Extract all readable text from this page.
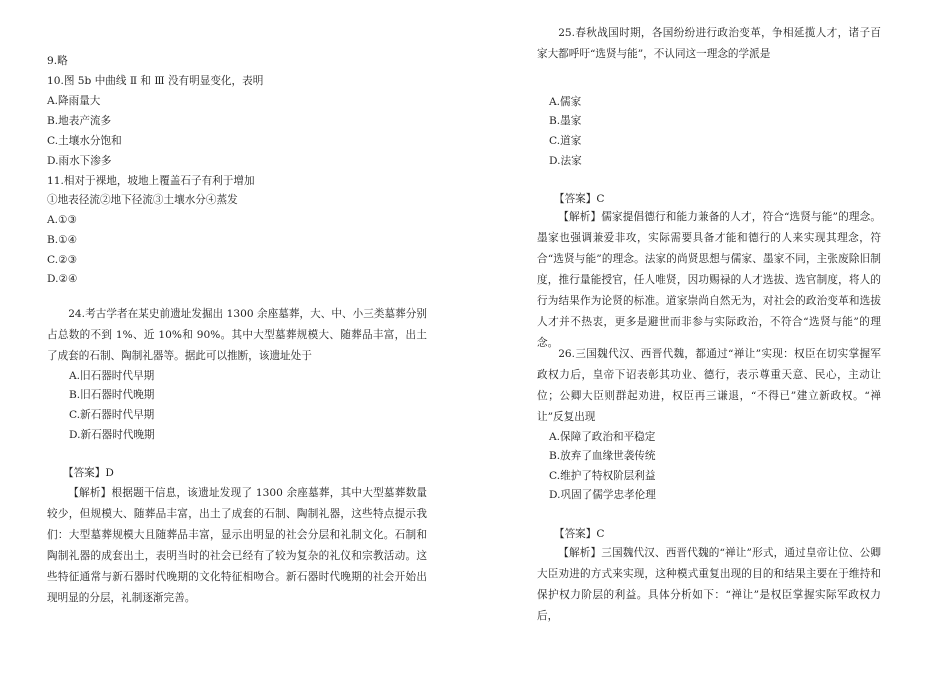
9.略
10.图 5b 中曲线 Ⅱ 和 Ⅲ 没有明显变化，表明
A.降雨量大
B.地表产流多
C.土壤水分饱和
D.雨水下渗多
11.相对于裸地，坡地上覆盖石子有利于增加
①地表径流②地下径流③土壤水分④蒸发
A.①③
B.①④
C.②③
D.②④
24.考古学者在某史前遗址发掘出 1300 余座墓葬，大、中、小三类墓葬分别占总数的不到 1%、近 10%和 90%。其中大型墓葬规模大、随葬品丰富，出土了成套的石制、陶制礼器等。据此可以推断，该遗址处于
A.旧石器时代早期
B.旧石器时代晚期
C.新石器时代早期
D.新石器时代晚期
【答案】D
【解析】根据题干信息，该遗址发现了 1300 余座墓葬，其中大型墓葬数量较少，但规模大、随葬品丰富，出土了成套的石制、陶制礼器，这些特点提示我们：大型墓葬规模大且随葬品丰富，显示出明显的社会分层和礼制文化。石制和陶制礼器的成套出土，表明当时的社会已经有了较为复杂的礼仪和宗教活动。这些特征通常与新石器时代晚期的文化特征相吻合。新石器时代晚期的社会开始出现明显的分层，礼制逐渐完善。
25.春秋战国时期，各国纷纷进行政治变革，争相延揽人才，诸子百家大都呼吁“选贤与能”，不认同这一理念的学派是
A.儒家
B.墨家
C.道家
D.法家
【答案】C
【解析】儒家提倡德行和能力兼备的人才，符合“选贤与能”的理念。墨家也强调兼爱非攻，实际需要具备才能和德行的人来实现其理念，符合“选贤与能”的理念。法家的尚贤思想与儒家、墨家不同，主张废除旧制度，推行量能授官，任人唯贤，因功赐禄的人才选拔、选官制度，将人的行为结果作为论贤的标准。道家崇尚自然无为，对社会的政治变革和选拔人才并不热衷，更多是避世而非参与实际政治，不符合“选贤与能”的理念。
26.三国魏代汉、西晋代魏，都通过“禅让”实现：权臣在切实掌握军政权力后，皇帝下诏表彰其功业、德行，表示尊重天意、民心，主动让位；公卿大臣则群起劝进，权臣再三谦退，“不得已”建立新政权。“禅让”反复出现
A.保障了政治和平稳定
B.放弃了血缘世袭传统
C.维护了特权阶层利益
D.巩固了儒学忠孝伦理
【答案】C
【解析】三国魏代汉、西晋代魏的“禅让”形式，通过皇帝让位、公卿大臣劝进的方式来实现，这种模式重复出现的目的和结果主要在于维持和保护权力阶层的利益。具体分析如下：“禅让”是权臣掌握实际军政权力后，
